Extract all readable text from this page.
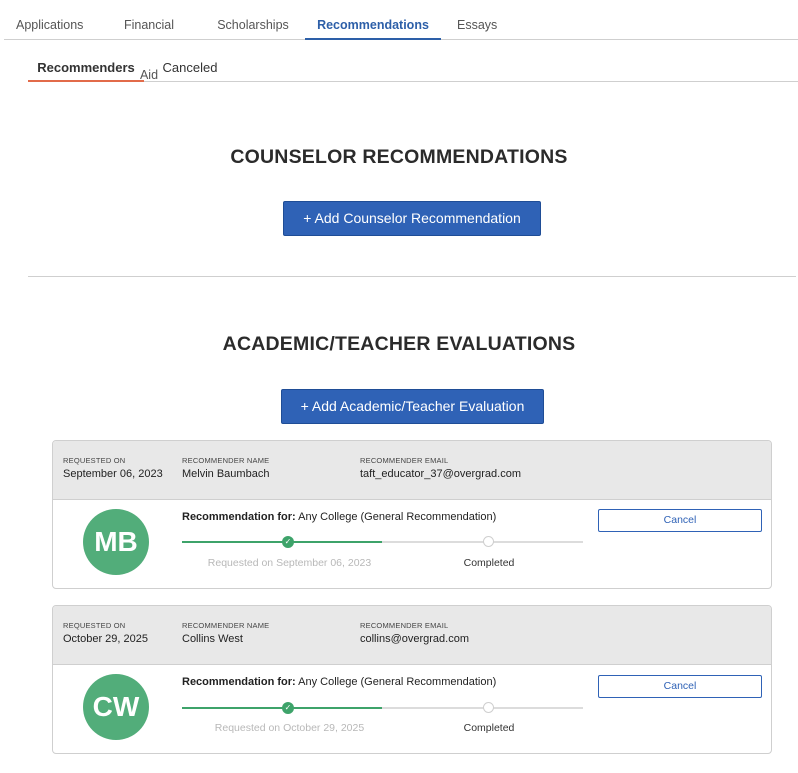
Applications	Financial Aid
Scholarships	Recommendations	Essays
Recommenders	Canceled
COUNSELOR RECOMMENDATIONS
+ Add Counselor Recommendation
ACADEMIC/TEACHER EVALUATIONS
+ Add Academic/Teacher Evaluation
REQUESTED ON
September 06, 2023
RECOMMENDER NAME
Melvin Baumbach
RECOMMENDER EMAIL
taft_educator_37@overgrad.com
MB
Recommendation for: Any College (General Recommendation)
✓
Requested on September 06, 2023	Completed
Cancel
REQUESTED ON
October 29, 2025
RECOMMENDER NAME
Collins West
RECOMMENDER EMAIL
collins@overgrad.com
CW
Recommendation for: Any College (General Recommendation)
✓
Requested on October 29, 2025	Completed
Cancel
